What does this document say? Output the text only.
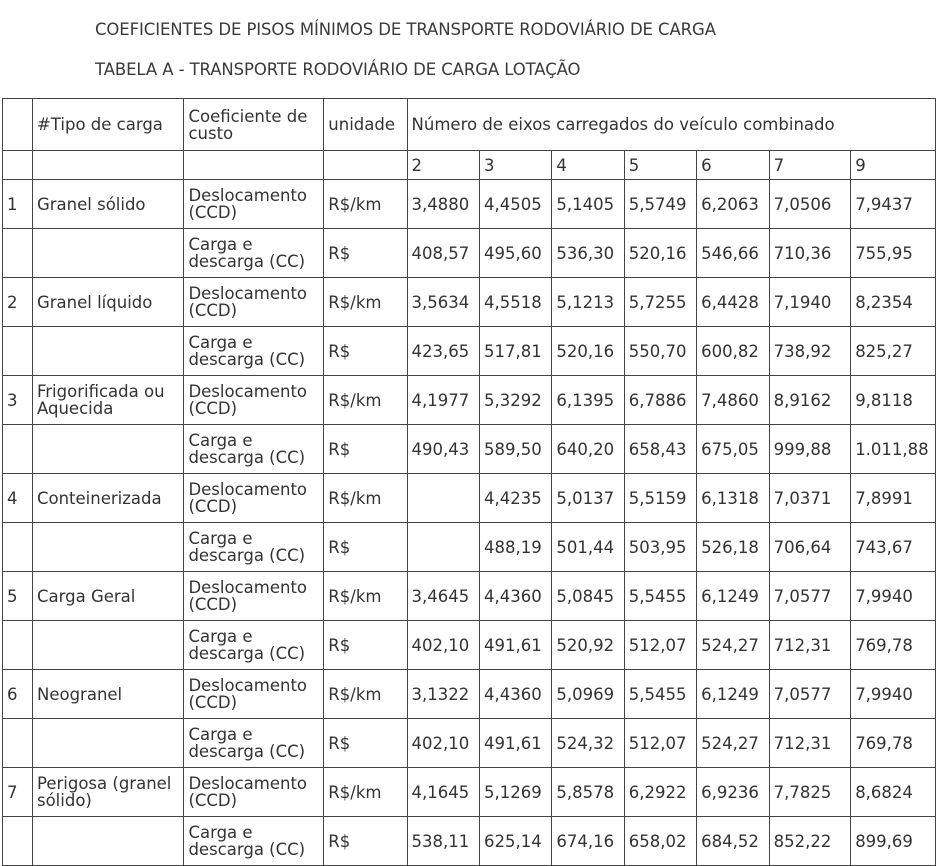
COEFICIENTES DE PISOS MÍNIMOS DE TRANSPORTE RODOVIÁRIO DE CARGA
TABELA A - TRANSPORTE RODOVIÁRIO DE CARGA LOTAÇÃO
	#Tipo de carga	Coeficiente de custo	unidade	Número de eixos carregados do veículo combinado						
				2	3	4	5	6	7	9
1	Granel sólido	Deslocamento (CCD)	R$/km	3,4880	4,4505	5,1405	5,5749	6,2063	7,0506	7,9437
		Carga e descarga (CC)	R$	408,57	495,60	536,30	520,16	546,66	710,36	755,95
2	Granel líquido	Deslocamento (CCD)	R$/km	3,5634	4,5518	5,1213	5,7255	6,4428	7,1940	8,2354
		Carga e descarga (CC)	R$	423,65	517,81	520,16	550,70	600,82	738,92	825,27
3	Frigorificada ou Aquecida	Deslocamento (CCD)	R$/km	4,1977	5,3292	6,1395	6,7886	7,4860	8,9162	9,8118
		Carga e descarga (CC)	R$	490,43	589,50	640,20	658,43	675,05	999,88	1.011,88
4	Conteinerizada	Deslocamento (CCD)	R$/km		4,4235	5,0137	5,5159	6,1318	7,0371	7,8991
		Carga e descarga (CC)	R$		488,19	501,44	503,95	526,18	706,64	743,67
5	Carga Geral	Deslocamento (CCD)	R$/km	3,4645	4,4360	5,0845	5,5455	6,1249	7,0577	7,9940
		Carga e descarga (CC)	R$	402,10	491,61	520,92	512,07	524,27	712,31	769,78
6	Neogranel	Deslocamento (CCD)	R$/km	3,1322	4,4360	5,0969	5,5455	6,1249	7,0577	7,9940
		Carga e descarga (CC)	R$	402,10	491,61	524,32	512,07	524,27	712,31	769,78
7	Perigosa (granel sólido)	Deslocamento (CCD)	R$/km	4,1645	5,1269	5,8578	6,2922	6,9236	7,7825	8,6824
		Carga e descarga (CC)	R$	538,11	625,14	674,16	658,02	684,52	852,22	899,69
